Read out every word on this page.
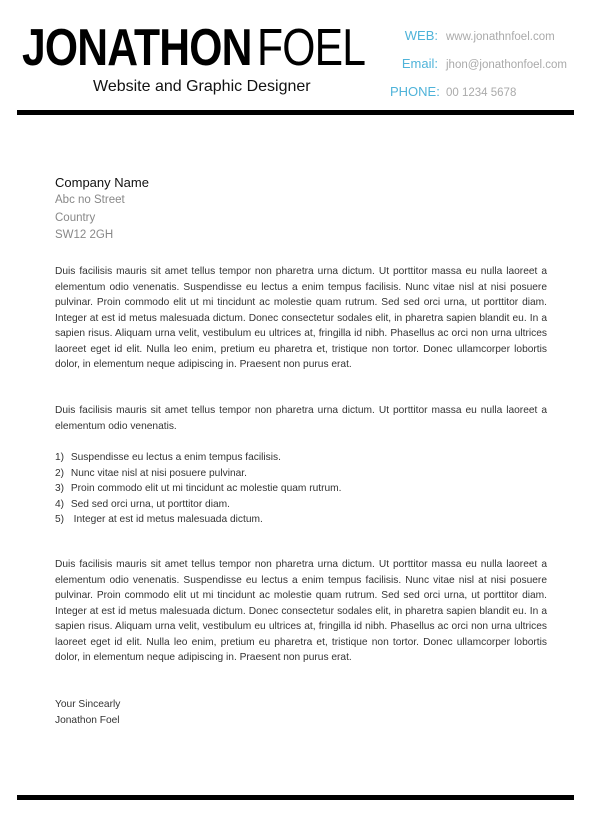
JONATHON FOEL
Website and Graphic Designer
WEB: www.jonathnfoel.com
Email: jhon@jonathonfoel.com
PHONE: 00 1234 5678
Company Name
Abc no Street
Country
SW12 2GH
Duis facilisis mauris sit amet tellus tempor non pharetra urna dictum. Ut porttitor massa eu nulla laoreet a elementum odio venenatis. Suspendisse eu lectus a enim tempus facilisis. Nunc vitae nisl at nisi posuere pulvinar. Proin commodo elit ut mi tincidunt ac molestie quam rutrum. Sed sed orci urna, ut porttitor diam. Integer at est id metus malesuada dictum. Donec consectetur sodales elit, in pharetra sapien blandit eu. In a sapien risus. Aliquam urna velit, vestibulum eu ultrices at, fringilla id nibh. Phasellus ac orci non urna ultrices laoreet eget id elit. Nulla leo enim, pretium eu pharetra et, tristique non tortor. Donec ullamcorper lobortis dolor, in elementum neque adipiscing in. Praesent non purus erat.
Duis facilisis mauris sit amet tellus tempor non pharetra urna dictum. Ut porttitor massa eu nulla laoreet a elementum odio venenatis.
1) Suspendisse eu lectus a enim tempus facilisis.
2) Nunc vitae nisl at nisi posuere pulvinar.
3) Proin commodo elit ut mi tincidunt ac molestie quam rutrum.
4) Sed sed orci urna, ut porttitor diam.
5) Integer at est id metus malesuada dictum.
Duis facilisis mauris sit amet tellus tempor non pharetra urna dictum. Ut porttitor massa eu nulla laoreet a elementum odio venenatis. Suspendisse eu lectus a enim tempus facilisis. Nunc vitae nisl at nisi posuere pulvinar. Proin commodo elit ut mi tincidunt ac molestie quam rutrum. Sed sed orci urna, ut porttitor diam. Integer at est id metus malesuada dictum. Donec consectetur sodales elit, in pharetra sapien blandit eu. In a sapien risus. Aliquam urna velit, vestibulum eu ultrices at, fringilla id nibh. Phasellus ac orci non urna ultrices laoreet eget id elit. Nulla leo enim, pretium eu pharetra et, tristique non tortor. Donec ullamcorper lobortis dolor, in elementum neque adipiscing in. Praesent non purus erat.
Your Sincearly
Jonathon Foel
